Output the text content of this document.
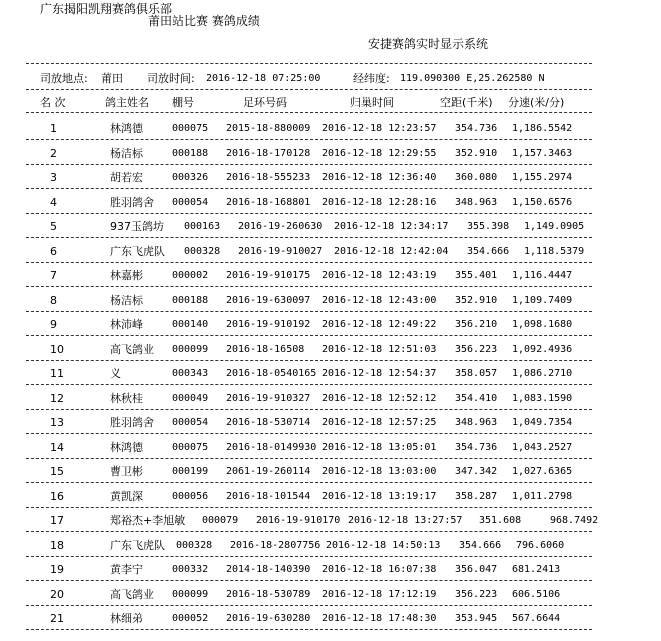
广东揭阳凯翔赛鸽俱乐部
莆田站比赛 赛鸽成绩
安捷赛鸽实时显示系统
司放地点: 莆田 司放时间: 2016-12-18 07:25:00	经纬度: 119.090300 E,25.262580 N
名 次	鸽主姓名 棚号	足环号码	归巢时间	空距(千米) 分速(米/分)
1	林鸿德	000075 2015-18-880009 2016-12-18 12:23:57 354.736 1,186.5542
2	杨洁标	000188 2016-18-170128 2016-12-18 12:29:55 352.910 1,157.3463
3	胡若宏	000326 2016-18-555233 2016-12-18 12:36:40 360.080 1,155.2974
4	胜羽鸽舍 000054 2016-18-168801 2016-12-18 12:28:16 348.963 1,150.6576
5	937玉鸽坊 000163 2016-19-260630 2016-12-18 12:34:17 355.398 1,149.0905
6	广东飞虎队 000328 2016-19-910027 2016-12-18 12:42:04 354.666 1,118.5379
7	林嘉彬	000002 2016-19-910175 2016-12-18 12:43:19 355.401 1,116.4447
8	杨洁标	000188 2016-19-630097 2016-12-18 12:43:00 352.910 1,109.7409
9	林沛峰	000140 2016-19-910192 2016-12-18 12:49:22 356.210 1,098.1680
10	高飞鸽业 000099 2016-18-16508 2016-12-18 12:51:03 356.223 1,092.4936
11	义	000343 2016-18-0540165 2016-12-18 12:54:37 358.057 1,086.2710
12	林秋桂	000049 2016-19-910327 2016-12-18 12:52:12 354.410 1,083.1590
13	胜羽鸽舍 000054 2016-18-530714 2016-12-18 12:57:25 348.963 1,049.7354
14	林鸿德	000075 2016-18-0149930 2016-12-18 13:05:01 354.736 1,043.2527
15	曹卫彬	000199 2061-19-260114 2016-12-18 13:03:00 347.342 1,027.6365
16	黄凯深	000056 2016-18-101544 2016-12-18 13:19:17 358.287 1,011.2798
17	郑裕杰+李旭敏 000079 2016-19-910170 2016-12-18 13:27:57 351.608	968.7492
18	广东飞虎队 000328 2016-18-2807756 2016-12-18 14:50:13 354.666 796.6060
19	黄李宁	000332 2014-18-140390 2016-12-18 16:07:38 356.047 681.2413
20	高飞鸽业 000099 2016-18-530789 2016-12-18 17:12:19 356.223 606.5106
21	林细弟	000052 2016-19-630280 2016-12-18 17:48:30 353.945 567.6644
